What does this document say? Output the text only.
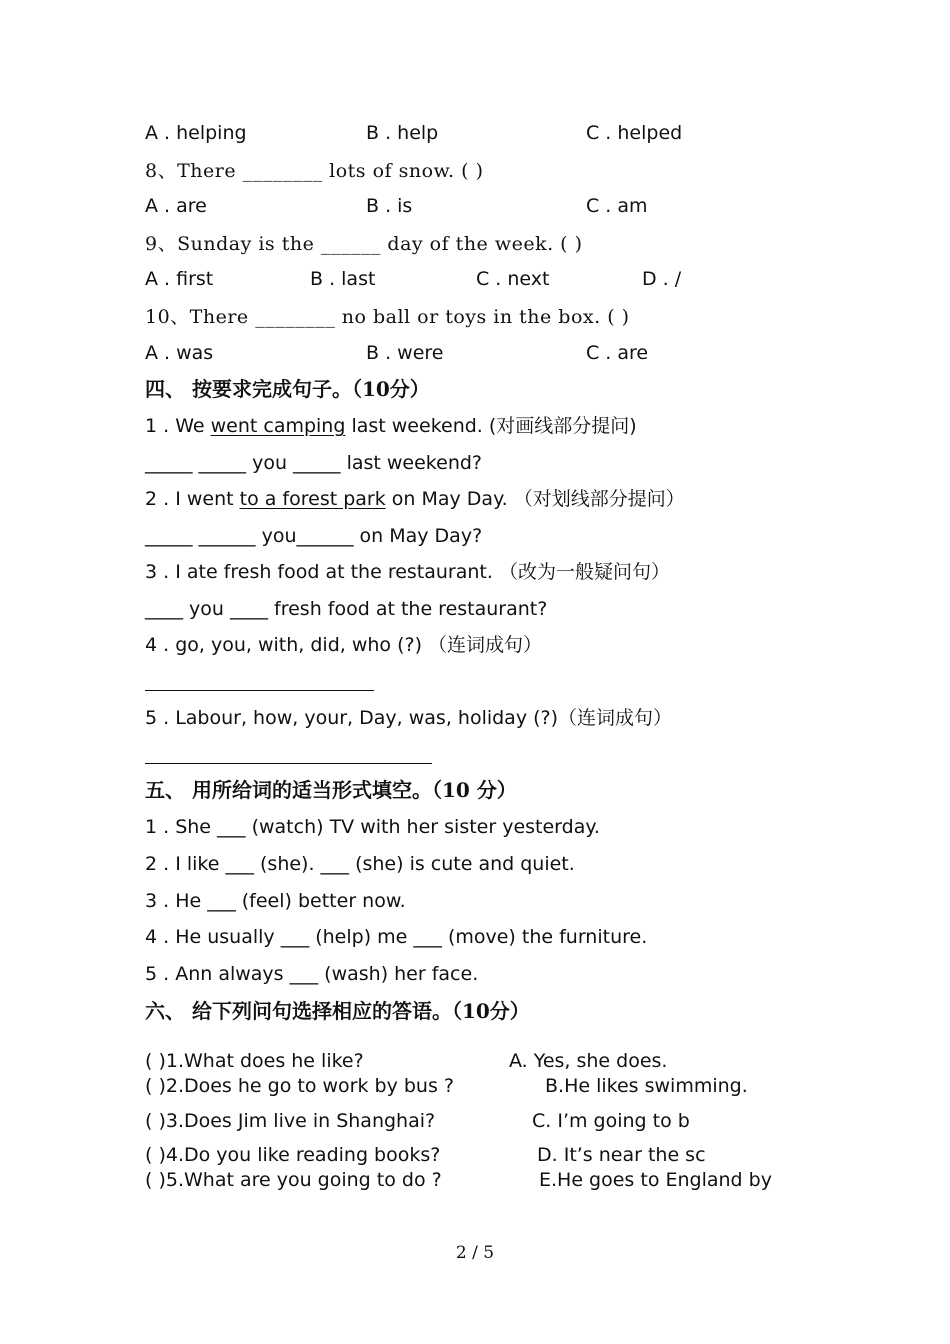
A . helping	B . help	C . helped
8、There ________ lots of snow. ( )
A . are	B . is	C . am
9、Sunday is the ______ day of the week. ( )
A . first	B . last	C . next	D . /
10、There ________ no ball or toys in the box. ( )
A . was	B . were	C . are
四、 按要求完成句子。（10分）
1 . We went camping last weekend. (对画线部分提问)
_____ _____ you _____ last weekend?
2 . I went to a forest park on May Day. （对划线部分提问）
_____ ______ you______ on May Day?
3 . I ate fresh food at the restaurant. （改为一般疑问句）
____ you ____ fresh food at the restaurant?
4 . go, you, with, did, who (?) （连词成句）
5 . Labour, how, your, Day, was, holiday (?)（连词成句）
五、 用所给词的适当形式填空。（10 分）
1 . She ___ (watch) TV with her sister yesterday.
2 . I like ___ (she). ___ (she) is cute and quiet.
3 . He ___ (feel) better now.
4 . He usually ___ (help) me ___ (move) the furniture.
5 . Ann always ___ (wash) her face.
六、 给下列问句选择相应的答语。（10分）
( )1.What does he like?
( )2.Does he go to work by bus ?
( )3.Does Jim live in Shanghai?
( )4.Do you like reading books?
( )5.What are you going to do ?
A. Yes, she does.
B.He likes swimming.
C. I’m going to b
D. It’s near the sc
E.He goes to England by
2 / 5
